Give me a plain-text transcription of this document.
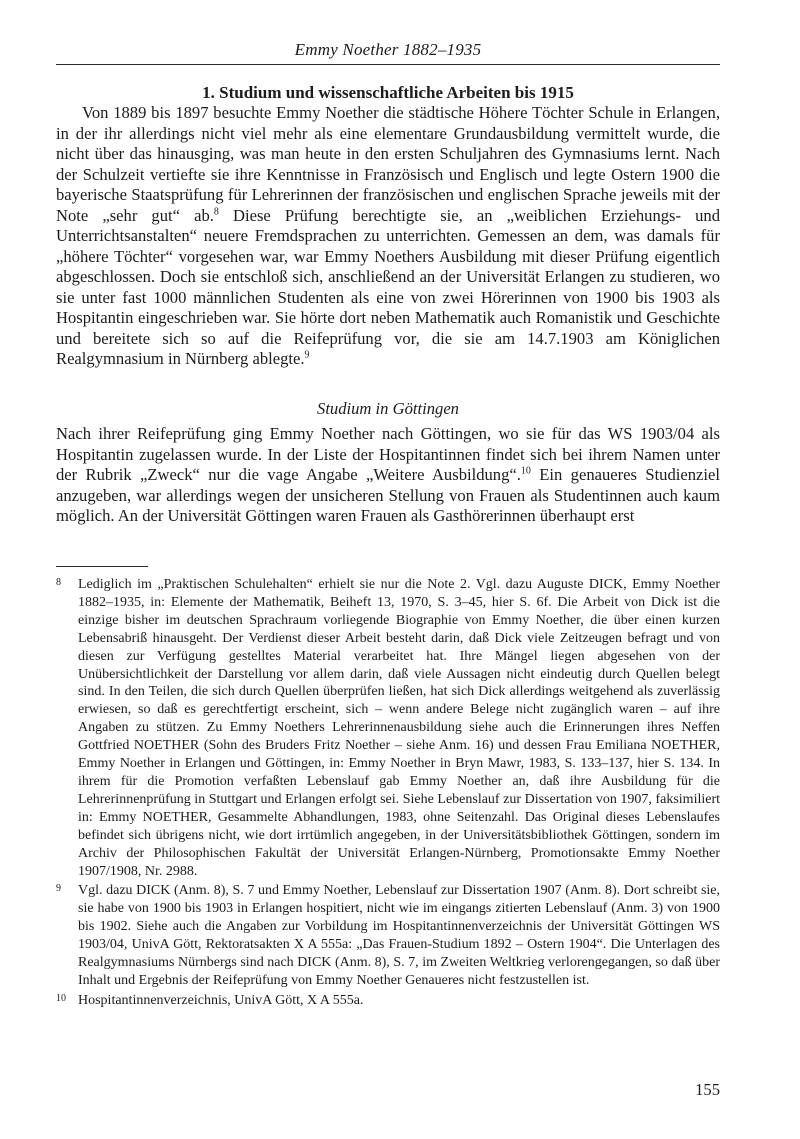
Emmy Noether 1882–1935
1. Studium und wissenschaftliche Arbeiten bis 1915
Von 1889 bis 1897 besuchte Emmy Noether die städtische Höhere Töchter Schule in Erlangen, in der ihr allerdings nicht viel mehr als eine elementare Grundausbildung vermittelt wurde, die nicht über das hinausging, was man heute in den ersten Schuljahren des Gymnasiums lernt. Nach der Schulzeit vertiefte sie ihre Kenntnisse in Französisch und Englisch und legte Ostern 1900 die bayerische Staatsprüfung für Lehrerinnen der französischen und englischen Sprache jeweils mit der Note „sehr gut“ ab.$^8$ Diese Prüfung berechtigte sie, an „weiblichen Erziehungs- und Unterrichtsanstalten“ neuere Fremdsprachen zu unterrichten. Gemessen an dem, was damals für „höhere Töchter“ vorgesehen war, war Emmy Noethers Ausbildung mit dieser Prüfung eigentlich abgeschlossen. Doch sie entschloß sich, anschließend an der Universität Erlangen zu studieren, wo sie unter fast 1000 männlichen Studenten als eine von zwei Hörerinnen von 1900 bis 1903 als Hospitantin eingeschrieben war. Sie hörte dort neben Mathematik auch Romanistik und Geschichte und bereitete sich so auf die Reifeprüfung vor, die sie am 14.7.1903 am Königlichen Realgymnasium in Nürnberg ablegte.$^9$
Studium in Göttingen
Nach ihrer Reifeprüfung ging Emmy Noether nach Göttingen, wo sie für das WS 1903/04 als Hospitantin zugelassen wurde. In der Liste der Hospitantinnen findet sich bei ihrem Namen unter der Rubrik „Zweck“ nur die vage Angabe „Weitere Ausbildung“.$^{10}$ Ein genaueres Studienziel anzugeben, war allerdings wegen der unsicheren Stellung von Frauen als Studentinnen auch kaum möglich. An der Universität Göttingen waren Frauen als Gasthörerinnen überhaupt erst
8 Lediglich im „Praktischen Schulehalten“ erhielt sie nur die Note 2. Vgl. dazu Auguste DICK, Emmy Noether 1882–1935, in: Elemente der Mathematik, Beiheft 13, 1970, S. 3–45, hier S. 6f. Die Arbeit von Dick ist die einzige bisher im deutschen Sprachraum vorliegende Biographie von Emmy Noether, die über einen kurzen Lebensabriß hinausgeht. Der Verdienst dieser Arbeit besteht darin, daß Dick viele Zeitzeugen befragt und von diesen zur Verfügung gestelltes Material verarbeitet hat. Ihre Mängel liegen abgesehen von der Unübersichtlichkeit der Darstellung vor allem darin, daß viele Aussagen nicht eindeutig durch Quellen belegt sind. In den Teilen, die sich durch Quellen überprüfen ließen, hat sich Dick allerdings weitgehend als zuverlässig erwiesen, so daß es gerechtfertigt erscheint, sich – wenn andere Belege nicht zugänglich waren – auf ihre Angaben zu stützen. Zu Emmy Noethers Lehrerinnenausbildung siehe auch die Erinnerungen ihres Neffen Gottfried NOETHER (Sohn des Bruders Fritz Noether – siehe Anm. 16) und dessen Frau Emiliana NOETHER, Emmy Noether in Erlangen und Göttingen, in: Emmy Noether in Bryn Mawr, 1983, S. 133–137, hier S. 134. In ihrem für die Promotion verfaßten Lebenslauf gab Emmy Noether an, daß ihre Ausbildung für die Lehrerinnenprüfung in Stuttgart und Erlangen erfolgt sei. Siehe Lebenslauf zur Dissertation von 1907, faksimiliert in: Emmy NOETHER, Gesammelte Abhandlungen, 1983, ohne Seitenzahl. Das Original dieses Lebenslaufes befindet sich übrigens nicht, wie dort irrtümlich angegeben, in der Universitätsbibliothek Göttingen, sondern im Archiv der Philosophischen Fakultät der Universität Erlangen-Nürnberg, Promotionsakte Emmy Noether 1907/1908, Nr. 2988.
9 Vgl. dazu DICK (Anm. 8), S. 7 und Emmy Noether, Lebenslauf zur Dissertation 1907 (Anm. 8). Dort schreibt sie, sie habe von 1900 bis 1903 in Erlangen hospitiert, nicht wie im eingangs zitierten Lebenslauf (Anm. 3) von 1900 bis 1902. Siehe auch die Angaben zur Vorbildung im Hospitantinnenverzeichnis der Universität Göttingen WS 1903/04, UnivA Gött, Rektoratsakten X A 555a: „Das Frauen-Studium 1892 – Ostern 1904“. Die Unterlagen des Realgymnasiums Nürnbergs sind nach DICK (Anm. 8), S. 7, im Zweiten Weltkrieg verlorengegangen, so daß über Inhalt und Ergebnis der Reifeprüfung von Emmy Noether Genaueres nicht festzustellen ist.
10 Hospitantinnenverzeichnis, UnivA Gött, X A 555a.
155
